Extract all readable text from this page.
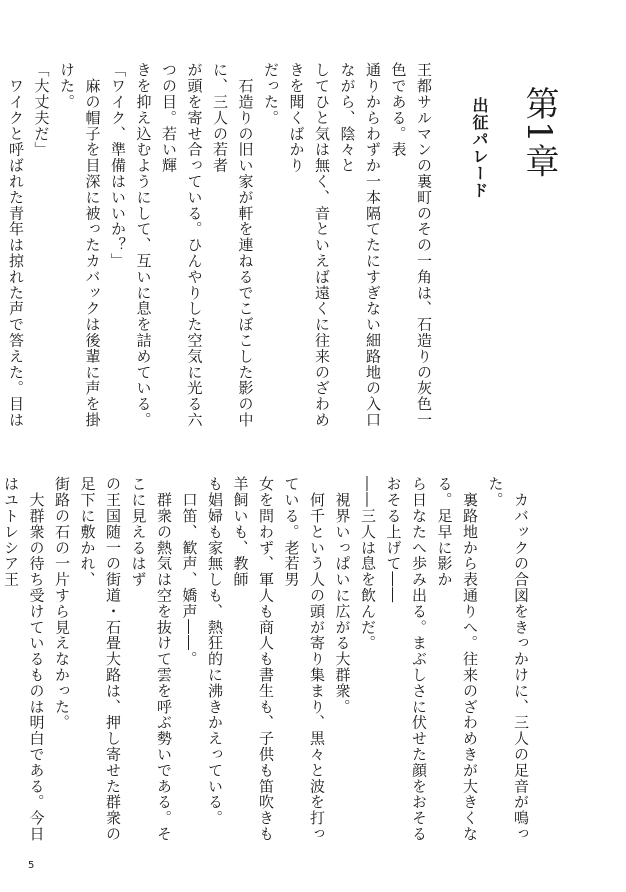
第1章
出征パレード
王都サルマンの裏町のその一角は、石造りの灰色一色である。表
通りからわずか一本隔てたにすぎない細路地の入口ながら、陰々と
してひと気は無く、音といえば遠くに往来のざわめきを聞くばかり
だった。
　石造りの旧い家が軒を連ねるでこぼこした影の中に、三人の若者
が頭を寄せ合っている。ひんやりした空気に光る六つの目。若い輝
きを抑え込むようにして、互いに息を詰めている。
「ワイク、準備はいいか？」
　麻の帽子を目深に被ったカバックは後輩に声を掛けた。
「大丈夫だ」
　ワイクと呼ばれた青年は掠れた声で答えた。目は
　カバックの合図をきっかけに、三人の足音が鳴った。
　裏路地から表通りへ。往来のざわめきが大きくなる。足早に影か
ら日なたへ歩み出る。まぶしさに伏せた顔をおそるおそる上げて――
――三人は息を飲んだ。
　視界いっぱいに広がる大群衆。
　何千という人の頭が寄り集まり、黒々と波を打っている。老若男
女を問わず、軍人も商人も書生も、子供も笛吹きも羊飼いも、教師
も娼婦も家無しも、熱狂的に沸きかえっている。
　口笛、歓声、嬌声――。
　群衆の熱気は空を抜けて雲を呼ぶ勢いである。そこに見えるはず
の王国随一の街道・石畳大路は、押し寄せた群衆の足下に敷かれ、
街路の石の一片すら見えなかった。
　大群衆の待ち受けているものは明白である。今日はユトレシア王
5
